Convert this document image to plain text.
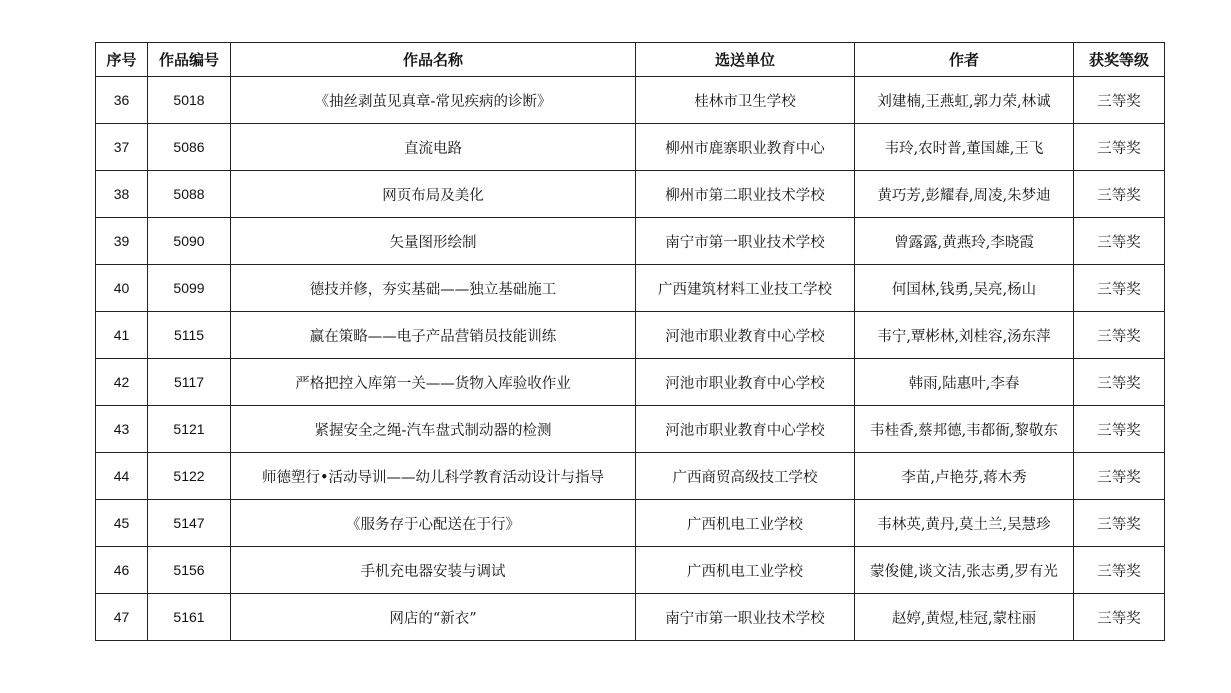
序号	作品编号	作品名称	选送单位	作者	获奖等级
36	5018	《抽丝剥茧见真章-常见疾病的诊断》	桂林市卫生学校	刘建楠,王燕虹,郭力荣,林诚	三等奖
37	5086	直流电路	柳州市鹿寨职业教育中心	韦玲,农时普,董国雄,王飞	三等奖
38	5088	网页布局及美化	柳州市第二职业技术学校	黄巧芳,彭耀春,周凌,朱梦迪	三等奖
39	5090	矢量图形绘制	南宁市第一职业技术学校	曾露露,黄燕玲,李晓霞	三等奖
40	5099	德技并修，夯实基础——独立基础施工	广西建筑材料工业技工学校	何国林,钱勇,吴亮,杨山	三等奖
41	5115	赢在策略——电子产品营销员技能训练	河池市职业教育中心学校	韦宁,覃彬林,刘桂容,汤东萍	三等奖
42	5117	严格把控入库第一关——货物入库验收作业	河池市职业教育中心学校	韩雨,陆惠叶,李春	三等奖
43	5121	紧握安全之绳-汽车盘式制动器的检测	河池市职业教育中心学校	韦桂香,蔡邦德,韦都衙,黎敬东	三等奖
44	5122	师德塑行•活动导训——幼儿科学教育活动设计与指导	广西商贸高级技工学校	李苗,卢艳芬,蒋木秀	三等奖
45	5147	《服务存于心配送在于行》	广西机电工业学校	韦林英,黄丹,莫土兰,吴慧珍	三等奖
46	5156	手机充电器安装与调试	广西机电工业学校	蒙俊健,谈文洁,张志勇,罗有光	三等奖
47	5161	网店的“新衣”	南宁市第一职业技术学校	赵婷,黄煜,桂冠,蒙柱丽	三等奖
